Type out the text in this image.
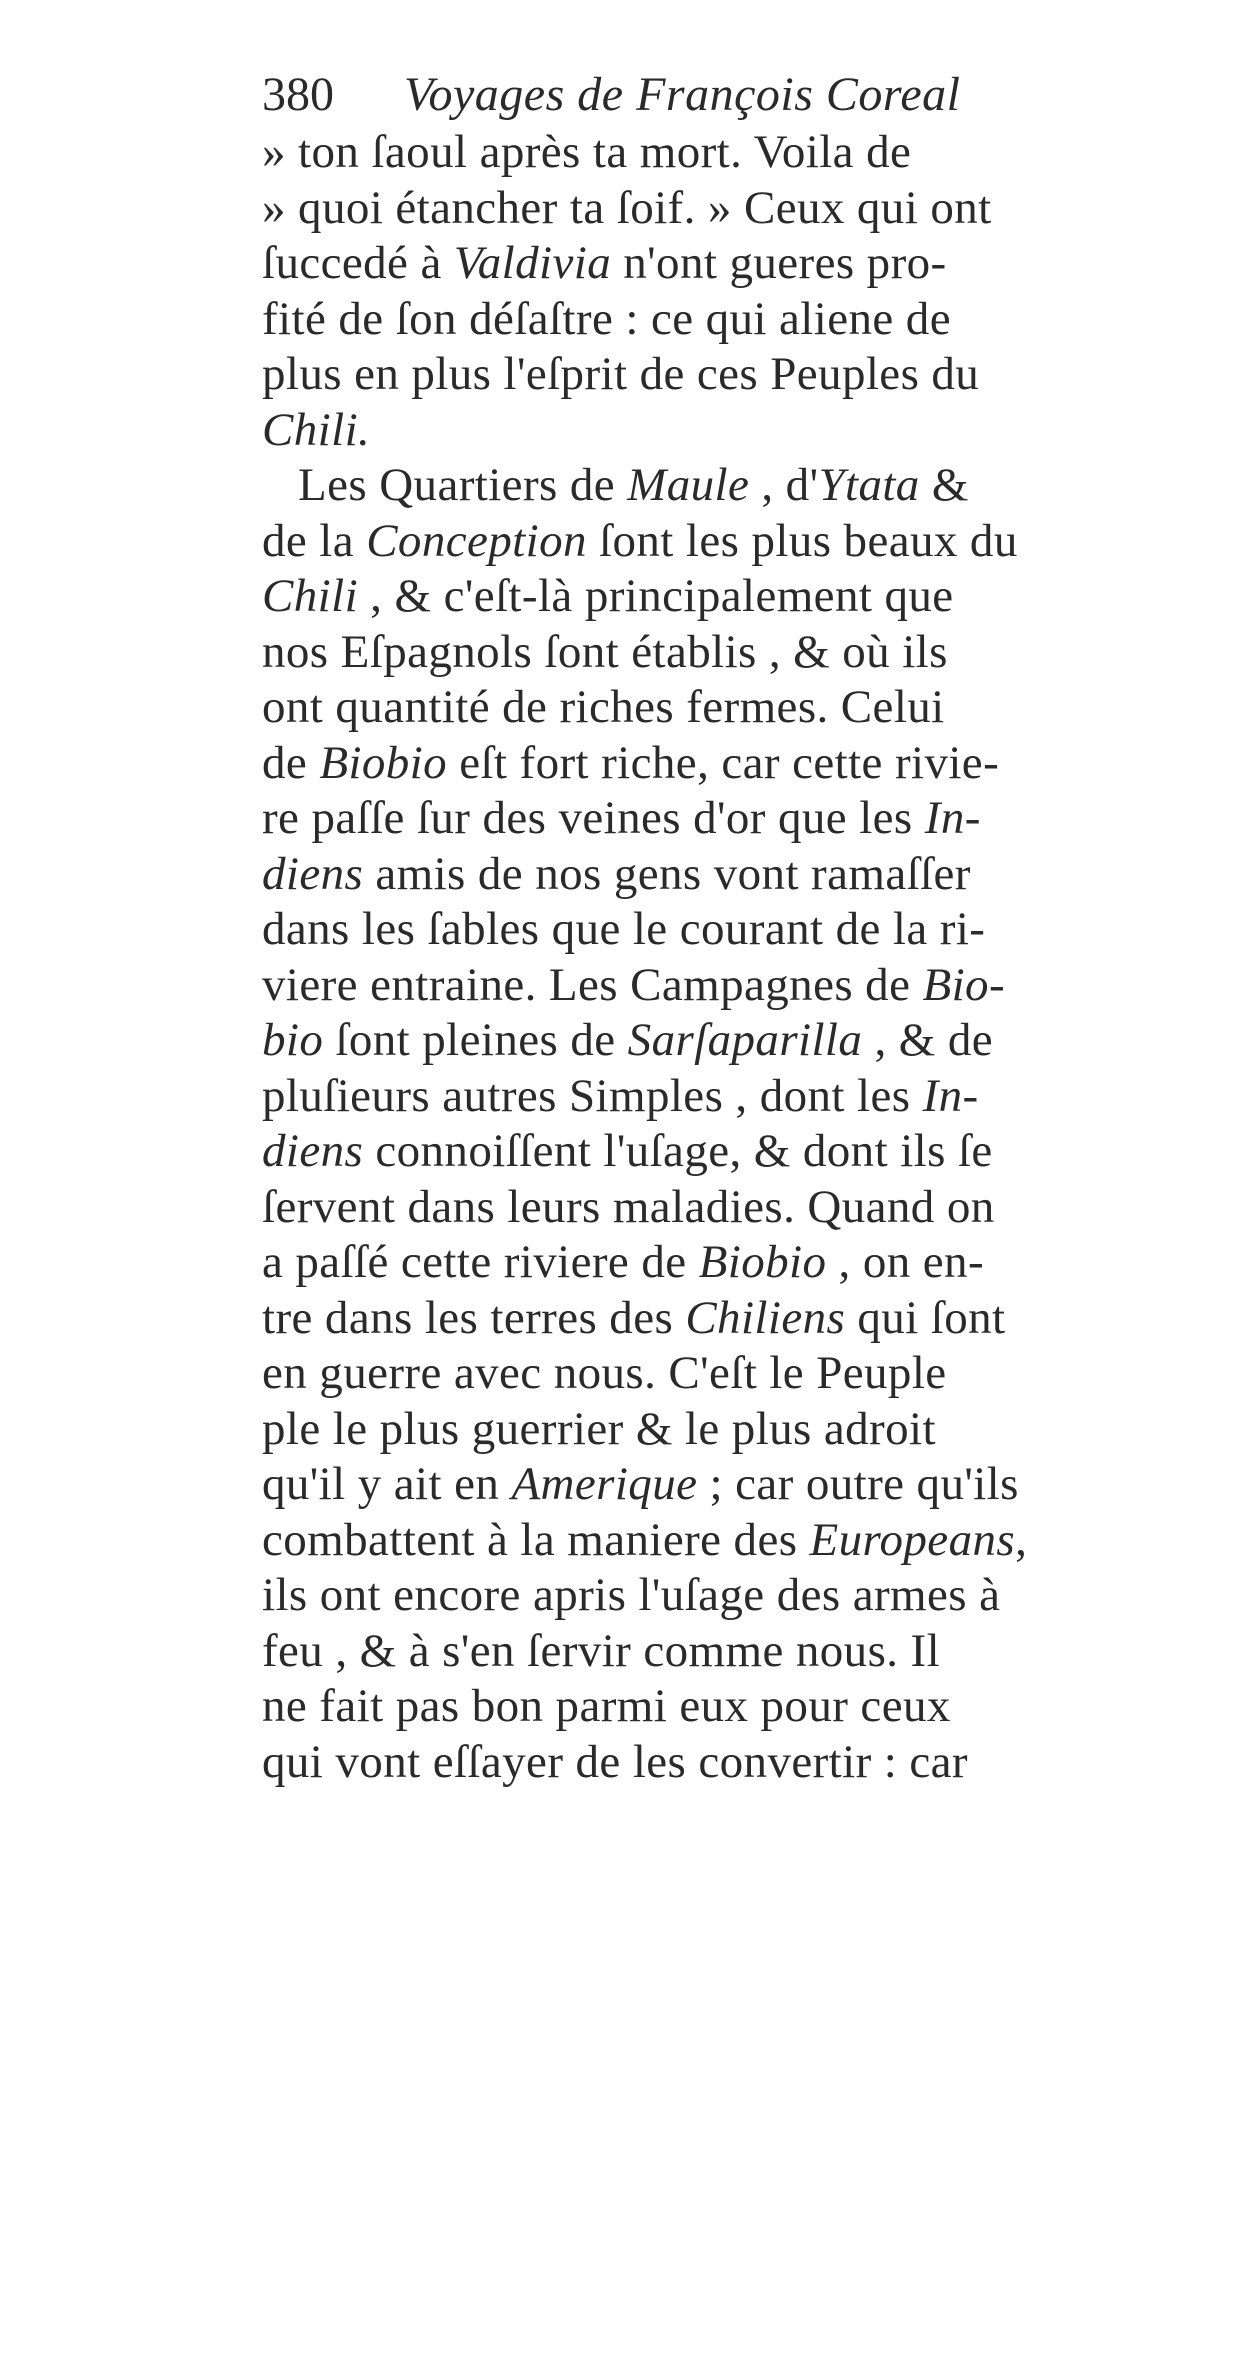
380 Voyages de François Coreal
» ton ſaoul après ta mort. Voila de
» quoi étancher ta ſoif. » Ceux qui ont
ſuccedé à Valdivia n'ont gueres pro-
fité de ſon déſaſtre : ce qui aliene de
plus en plus l'eſprit de ces Peuples du
Chili.
Les Quartiers de Maule , d'Ytata &
de la Conception ſont les plus beaux du
Chili , & c'eſt-là principalement que
nos Eſpagnols ſont établis , & où ils
ont quantité de riches fermes. Celui
de Biobio eſt fort riche, car cette rivie-
re paſſe ſur des veines d'or que les In-
diens amis de nos gens vont ramaſſer
dans les ſables que le courant de la ri-
viere entraine. Les Campagnes de Bio-
bio ſont pleines de Sarſaparilla , & de
pluſieurs autres Simples , dont les In-
diens connoiſſent l'uſage, & dont ils ſe
ſervent dans leurs maladies. Quand on
a paſſé cette riviere de Biobio , on en-
tre dans les terres des Chiliens qui ſont
en guerre avec nous. C'eſt le Peuple
ple le plus guerrier & le plus adroit
qu'il y ait en Amerique ; car outre qu'ils
combattent à la maniere des Europeans,
ils ont encore apris l'uſage des armes à
feu , & à s'en ſervir comme nous. Il
ne fait pas bon parmi eux pour ceux
qui vont eſſayer de les convertir : car
